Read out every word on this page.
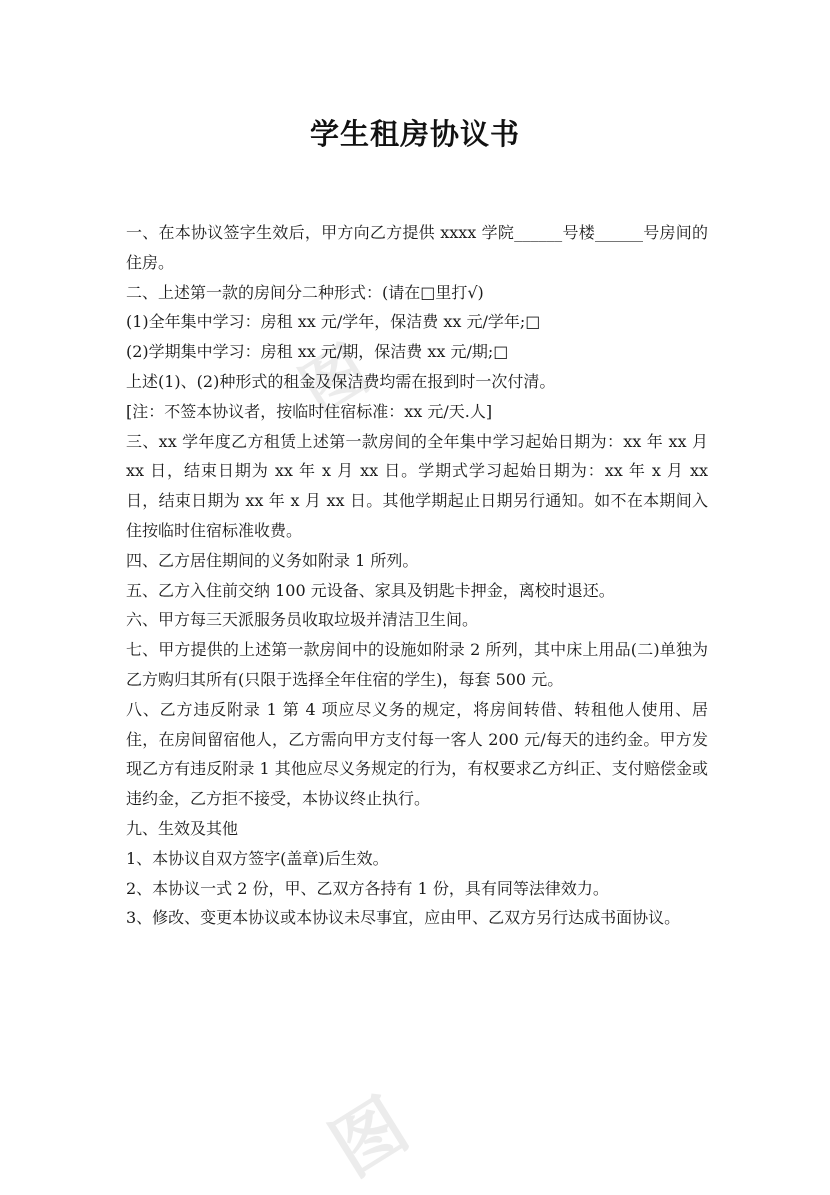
学生租房协议书

一、在本协议签字生效后，甲方向乙方提供 xxxx 学院______号楼______号房间的住房。

二、上述第一款的房间分二种形式：(请在□里打√)

(1)全年集中学习：房租 xx 元/学年，保洁费 xx 元/学年;□

(2)学期集中学习：房租 xx 元/期，保洁费 xx 元/期;□

上述(1)、(2)种形式的租金及保洁费均需在报到时一次付清。

[注：不签本协议者，按临时住宿标准：xx 元/天.人]

三、xx 学年度乙方租赁上述第一款房间的全年集中学习起始日期为：xx 年 xx 月 xx 日，结束日期为 xx 年 x 月 xx 日。学期式学习起始日期为：xx 年 x 月 xx 日，结束日期为 xx 年 x 月 xx 日。其他学期起止日期另行通知。如不在本期间入住按临时住宿标准收费。

四、乙方居住期间的义务如附录 1 所列。

五、乙方入住前交纳 100 元设备、家具及钥匙卡押金，离校时退还。

六、甲方每三天派服务员收取垃圾并清洁卫生间。

七、甲方提供的上述第一款房间中的设施如附录 2 所列，其中床上用品(二)单独为乙方购归其所有(只限于选择全年住宿的学生)，每套 500 元。

八、乙方违反附录 1 第 4 项应尽义务的规定，将房间转借、转租他人使用、居住，在房间留宿他人，乙方需向甲方支付每一客人 200 元/每天的违约金。甲方发现乙方有违反附录 1 其他应尽义务规定的行为，有权要求乙方纠正、支付赔偿金或违约金，乙方拒不接受，本协议终止执行。

九、生效及其他

1、本协议自双方签字(盖章)后生效。

2、本协议一式 2 份，甲、乙双方各持有 1 份，具有同等法律效力。

3、修改、变更本协议或本协议未尽事宜，应由甲、乙双方另行达成书面协议。

图
图
